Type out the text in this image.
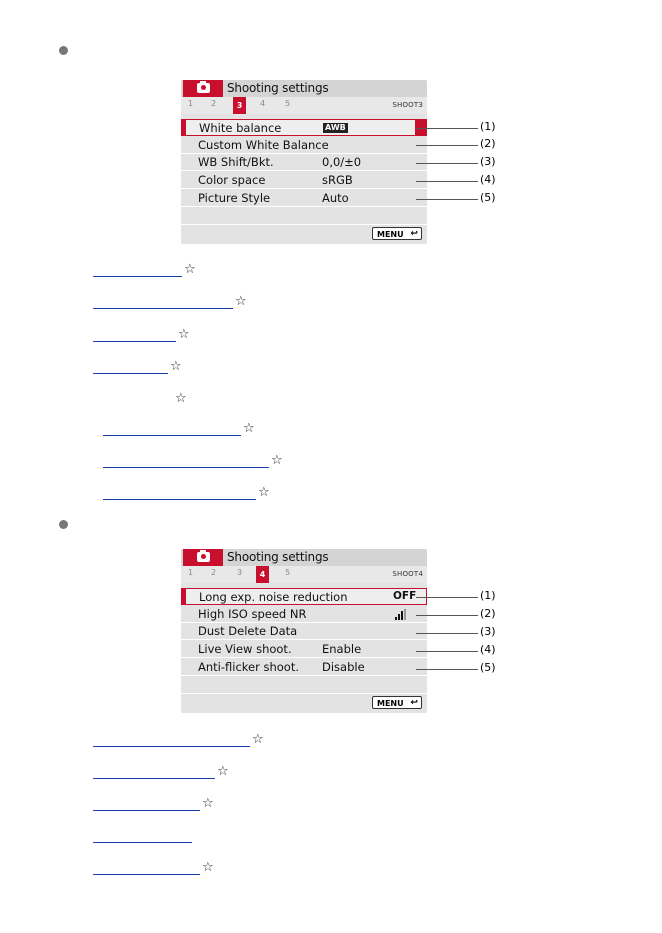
Shooting settings
1	2	3	4	5	SHOOT3
White balance	AWB
Custom White Balance
WB Shift/Bkt.	0,0/±0
Color space	sRGB
Picture Style	Auto
MENU ↩
(1)
(2)
(3)
(4)
(5)
☆
☆
☆
☆
☆
☆
☆
☆
Shooting settings
1	2	3	4	5	SHOOT4
Long exp. noise reduction	OFF
High ISO speed NR
Dust Delete Data
Live View shoot.	Enable
Anti-flicker shoot. Disable
MENU ↩
(1)
(2)
(3)
(4)
(5)
☆
☆
☆
☆
